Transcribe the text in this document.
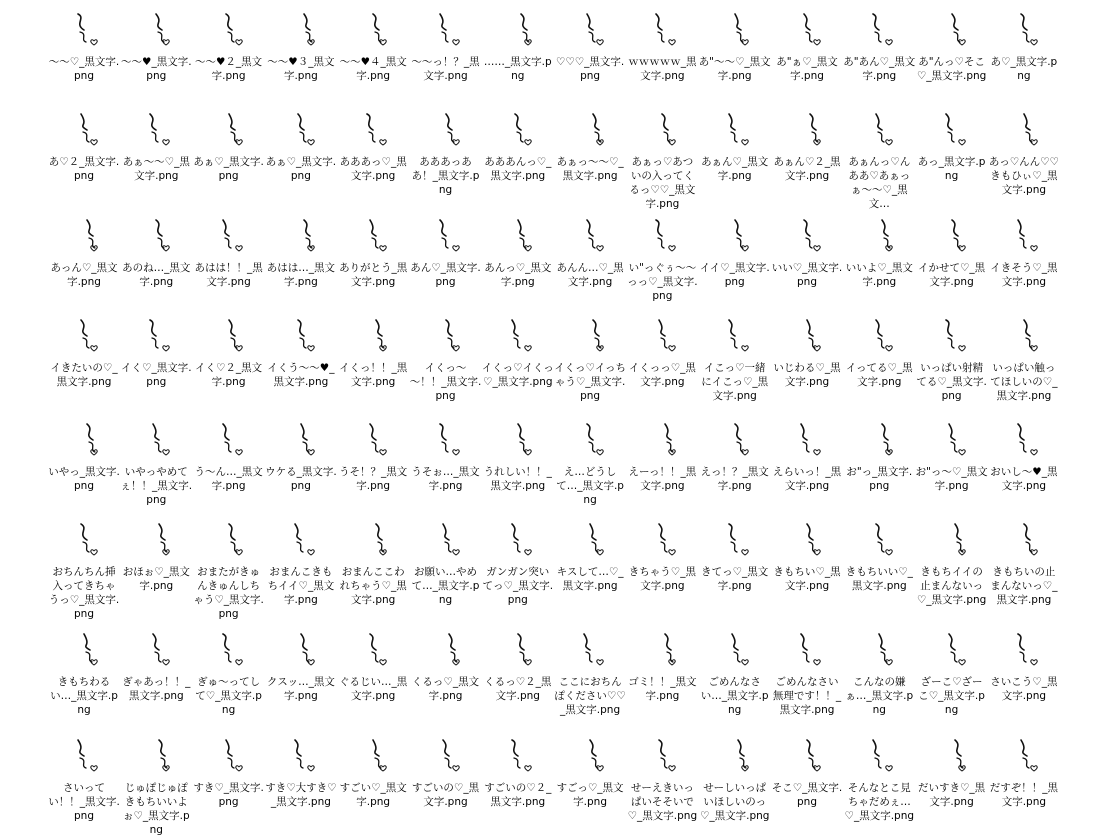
～～♡_黒文字.png
～～♥_黒文字.png
～～♥２_黒文字.png
～～♥３_黒文字.png
～～♥４_黒文字.png
～～っ！？_黒文字.png
……_黒文字.png
♡♡♡_黒文字.png
ｗｗｗｗｗ_黒文字.png
あ"～～♡_黒文字.png
あ"ぁ♡_黒文字.png
あ"あん♡_黒文字.png
あ"んっ♡そこ♡_黒文字.png
あ♡_黒文字.png
あ♡２_黒文字.png
あぁ～～♡_黒文字.png
あぁ♡_黒文字.png
あぁ♡_黒文字.png
あああっ♡_黒文字.png
あああっああ！_黒文字.png
あああんっ♡_黒文字.png
あぁっ～～♡_黒文字.png
あぁっ♡あついの入ってくるっ♡♡_黒文字.png
あぁん♡_黒文字.png
あぁん♡２_黒文字.png
あぁんっ♡んああ♡あぁっぁ～～♡_黒文…
あっ_黒文字.png
あっ♡んん♡♡きもひぃ♡_黒文字.png
あっん♡_黒文字.png
あのね…_黒文字.png
あはは！！_黒文字.png
あはは…_黒文字.png
ありがとう_黒文字.png
あん♡_黒文字.png
あんっ♡_黒文字.png
あんん…♡_黒文字.png
い"っぐぅ～～っっ♡_黒文字.png
イイ♡_黒文字.png
いい♡_黒文字.png
いいよ♡_黒文字.png
イかせて♡_黒文字.png
イきそう♡_黒文字.png
イきたいの♡_黒文字.png
イく♡_黒文字.png
イく♡２_黒文字.png
イくう～～♥_黒文字.png
イくっ！！_黒文字.png
イくっ～～！！_黒文字.png
イくっ♡イくっ♡_黒文字.png
イくっ♡イっちゃう♡_黒文字.png
イくっっ♡_黒文字.png
イこっ♡一緒にイこっ♡_黒文字.png
いじわる♡_黒文字.png
イってる♡_黒文字.png
いっぱい射精てる♡_黒文字.png
いっぱい触ってほしいの♡_黒文字.png
いやっ_黒文字.png
いやっやめてぇ！！_黒文字.png
う～ん…_黒文字.png
ウケる_黒文字.png
うそ！？_黒文字.png
うそぉ…_黒文字.png
うれしい！！_黒文字.png
え…どうして…_黒文字.png
えーっ！！_黒文字.png
えっ！？_黒文字.png
えらいっ！_黒文字.png
お"っ_黒文字.png
お"っ～♡_黒文字.png
おいし～♥_黒文字.png
おちんちん挿入ってきちゃうっ♡_黒文字.png
おほぉ♡_黒文字.png
おまたがきゅんきゅんしちゃう♡_黒文字.png
おまんこきもちイイ♡_黒文字.png
おまんここわれちゃう♡_黒文字.png
お願い…やめて…_黒文字.png
ガンガン突いてっ♡_黒文字.png
キスして…♡_黒文字.png
きちゃう♡_黒文字.png
きてっ♡_黒文字.png
きもちい♡_黒文字.png
きもちいい♡_黒文字.png
きもちイイの止まんないっ♡_黒文字.png
きもちいの止まんないっ♡_黒文字.png
きもちわるい…_黒文字.png
ぎゃあっ！！_黒文字.png
ぎゅ～ってして♡_黒文字.png
クスッ…_黒文字.png
ぐるじい…_黒文字.png
くるっ♡_黒文字.png
くるっ♡２_黒文字.png
ここにおちんぽください♡♡_黒文字.png
ゴミ！！_黒文字.png
ごめんなさい…_黒文字.png
ごめんなさい無理です！！_黒文字.png
こんなの嫌ぁ…_黒文字.png
ざーこ♡ざーこ♡_黒文字.png
さいこう♡_黒文字.png
さいってい！！_黒文字.png
じゅぽじゅぽきもちいいよぉ♡_黒文字.png
すき♡_黒文字.png
すき♡大すき♡_黒文字.png
すごい♡_黒文字.png
すごいの♡_黒文字.png
すごいの♡２_黒文字.png
すごっ♡_黒文字.png
せーえきいっぱいそそいで♡_黒文字.png
せーしいっぱいほしいのっ♡_黒文字.png
そこ♡_黒文字.png
そんなとこ見ちゃだめぇ…♡_黒文字.png
だいすき♡_黒文字.png
だすぞ！！_黒文字.png
